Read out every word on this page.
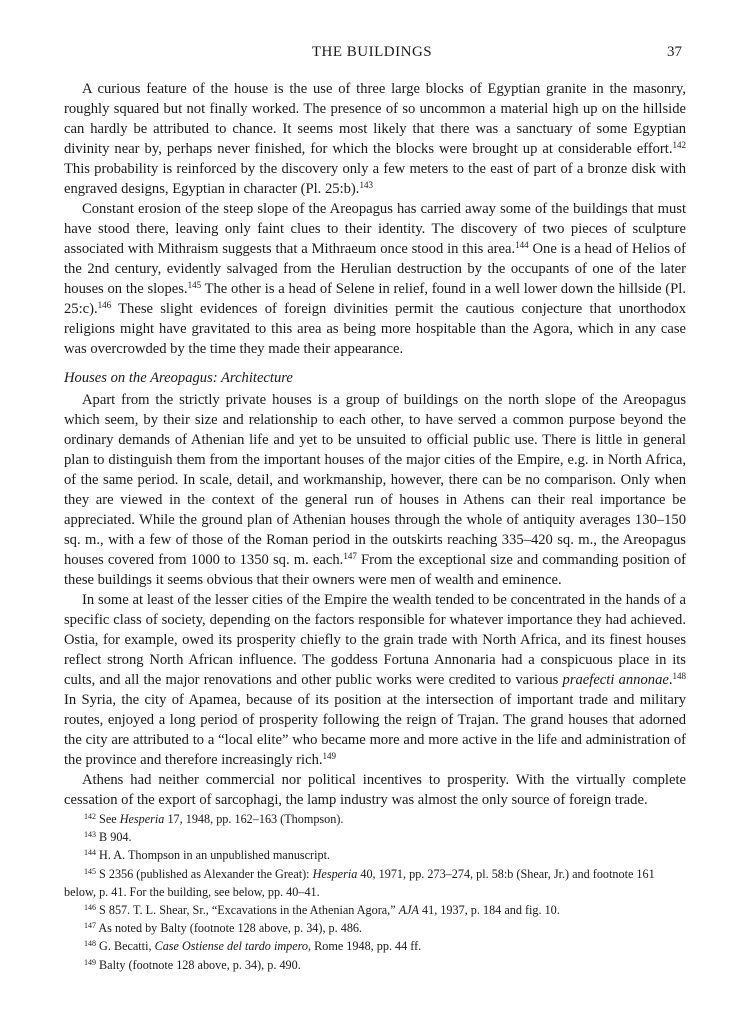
THE BUILDINGS	37

A curious feature of the house is the use of three large blocks of Egyptian granite in the masonry, roughly squared but not finally worked. The presence of so uncommon a material high up on the hillside can hardly be attributed to chance. It seems most likely that there was a sanctuary of some Egyptian divinity near by, perhaps never finished, for which the blocks were brought up at considerable effort.$^{142}$ This probability is reinforced by the discovery only a few meters to the east of part of a bronze disk with engraved designs, Egyptian in character (Pl. 25:b).$^{143}$

Constant erosion of the steep slope of the Areopagus has carried away some of the buildings that must have stood there, leaving only faint clues to their identity. The discovery of two pieces of sculpture associated with Mithraism suggests that a Mithraeum once stood in this area.$^{144}$ One is a head of Helios of the 2nd century, evidently salvaged from the Herulian destruction by the occupants of one of the later houses on the slopes.$^{145}$ The other is a head of Selene in relief, found in a well lower down the hillside (Pl. 25:c).$^{146}$ These slight evidences of foreign divinities permit the cautious conjecture that unorthodox religions might have gravitated to this area as being more hospitable than the Agora, which in any case was overcrowded by the time they made their appearance.

Houses on the Areopagus: Architecture

Apart from the strictly private houses is a group of buildings on the north slope of the Areopagus which seem, by their size and relationship to each other, to have served a common purpose beyond the ordinary demands of Athenian life and yet to be unsuited to official public use. There is little in general plan to distinguish them from the important houses of the major cities of the Empire, e.g. in North Africa, of the same period. In scale, detail, and workmanship, however, there can be no comparison. Only when they are viewed in the context of the general run of houses in Athens can their real importance be appreciated. While the ground plan of Athenian houses through the whole of antiquity averages 130–150 sq. m., with a few of those of the Roman period in the outskirts reaching 335–420 sq. m., the Areopagus houses covered from 1000 to 1350 sq. m. each.$^{147}$ From the exceptional size and commanding position of these buildings it seems obvious that their owners were men of wealth and eminence.

In some at least of the lesser cities of the Empire the wealth tended to be concentrated in the hands of a specific class of society, depending on the factors responsible for whatever importance they had achieved. Ostia, for example, owed its prosperity chiefly to the grain trade with North Africa, and its finest houses reflect strong North African influence. The goddess Fortuna Annonaria had a conspicuous place in its cults, and all the major renovations and other public works were credited to various praefecti annonae.$^{148}$ In Syria, the city of Apamea, because of its position at the intersection of important trade and military routes, enjoyed a long period of prosperity following the reign of Trajan. The grand houses that adorned the city are attributed to a “local elite” who became more and more active in the life and administration of the province and therefore increasingly rich.$^{149}$

Athens had neither commercial nor political incentives to prosperity. With the virtually complete cessation of the export of sarcophagi, the lamp industry was almost the only source of foreign trade.

$^{142}$ See Hesperia 17, 1948, pp. 162–163 (Thompson).
$^{143}$ B 904.
$^{144}$ H. A. Thompson in an unpublished manuscript.
$^{145}$ S 2356 (published as Alexander the Great): Hesperia 40, 1971, pp. 273–274, pl. 58:b (Shear, Jr.) and footnote 161 below, p. 41. For the building, see below, pp. 40–41.
$^{146}$ S 857. T. L. Shear, Sr., “Excavations in the Athenian Agora,” AJA 41, 1937, p. 184 and fig. 10.
$^{147}$ As noted by Balty (footnote 128 above, p. 34), p. 486.
$^{148}$ G. Becatti, Case Ostiense del tardo impero, Rome 1948, pp. 44 ff.
$^{149}$ Balty (footnote 128 above, p. 34), p. 490.
